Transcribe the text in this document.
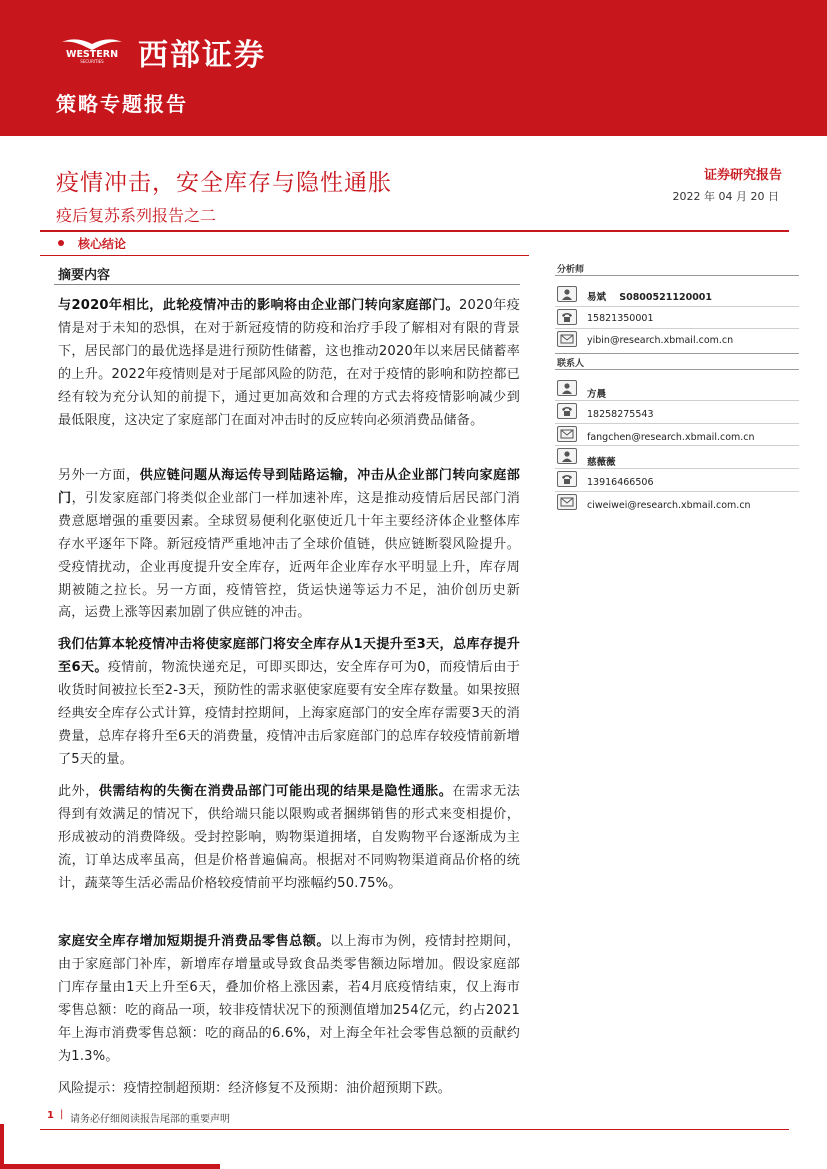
WESTERN
SECURITIES 西部证券
策略专题报告
疫情冲击，安全库存与隐性通胀
疫后复苏系列报告之二
证券研究报告
2022 年 04 月 20 日
核心结论
摘要内容
与2020年相比，此轮疫情冲击的影响将由企业部门转向家庭部门。2020年疫情是对于未知的恐惧，在对于新冠疫情的防疫和治疗手段了解相对有限的背景下，居民部门的最优选择是进行预防性储蓄，这也推动2020年以来居民储蓄率的上升。2022年疫情则是对于尾部风险的防范，在对于疫情的影响和防控都已经有较为充分认知的前提下，通过更加高效和合理的方式去将疫情影响减少到最低限度，这决定了家庭部门在面对冲击时的反应转向必须消费品储备。
另外一方面，供应链问题从海运传导到陆路运输，冲击从企业部门转向家庭部门，引发家庭部门将类似企业部门一样加速补库，这是推动疫情后居民部门消费意愿增强的重要因素。全球贸易便利化驱使近几十年主要经济体企业整体库存水平逐年下降。新冠疫情严重地冲击了全球价值链，供应链断裂风险提升。受疫情扰动，企业再度提升安全库存，近两年企业库存水平明显上升，库存周期被随之拉长。另一方面，疫情管控，货运快递等运力不足，油价创历史新高，运费上涨等因素加剧了供应链的冲击。
我们估算本轮疫情冲击将使家庭部门将安全库存从1天提升至3天，总库存提升至6天。疫情前，物流快递充足，可即买即达，安全库存可为0，而疫情后由于收货时间被拉长至2-3天，预防性的需求驱使家庭要有安全库存数量。如果按照经典安全库存公式计算，疫情封控期间，上海家庭部门的安全库存需要3天的消费量，总库存将升至6天的消费量，疫情冲击后家庭部门的总库存较疫情前新增了5天的量。
此外，供需结构的失衡在消费品部门可能出现的结果是隐性通胀。在需求无法得到有效满足的情况下，供给端只能以限购或者捆绑销售的形式来变相提价，形成被动的消费降级。受封控影响，购物渠道拥堵，自发购物平台逐渐成为主流，订单达成率虽高，但是价格普遍偏高。根据对不同购物渠道商品价格的统计，蔬菜等生活必需品价格较疫情前平均涨幅约50.75%。
家庭安全库存增加短期提升消费品零售总额。以上海市为例，疫情封控期间，由于家庭部门补库，新增库存增量或导致食品类零售额边际增加。假设家庭部门库存量由1天上升至6天，叠加价格上涨因素，若4月底疫情结束，仅上海市零售总额：吃的商品一项，较非疫情状况下的预测值增加254亿元，约占2021年上海市消费零售总额：吃的商品的6.6%，对上海全年社会零售总额的贡献约为1.3%。
风险提示：疫情控制超预期：经济修复不及预期：油价超预期下跌。
分析师
易斌 S0800521120001
15821350001
yibin@research.xbmail.com.cn
联系人
方晨
18258275543
fangchen@research.xbmail.com.cn
慈薇薇
13916466506
ciweiwei@research.xbmail.com.cn
1 | 请务必仔细阅读报告尾部的重要声明
